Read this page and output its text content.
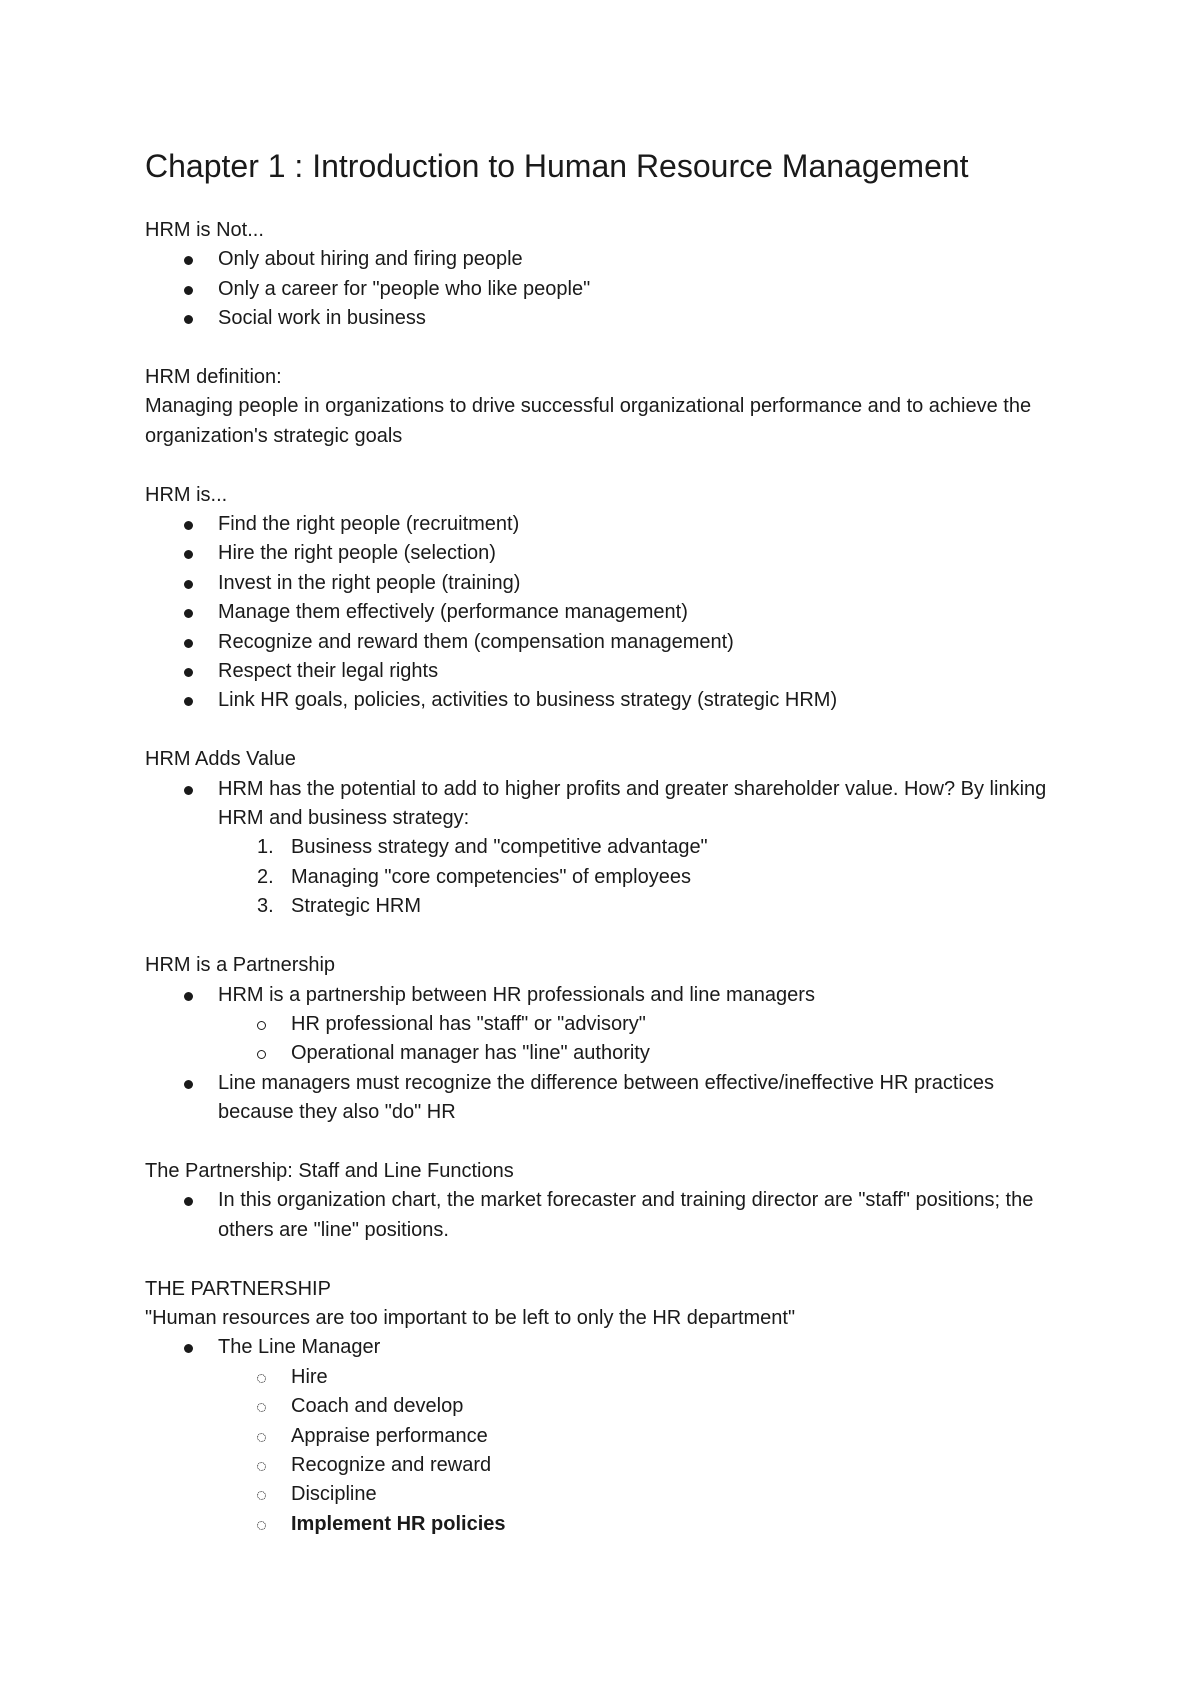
Chapter 1 : Introduction to Human Resource Management

HRM is Not...

Only about hiring and firing people
Only a career for "people who like people"
Social work in business

HRM definition:

Managing people in organizations to drive successful organizational performance and to achieve the organization's strategic goals

HRM is...

Find the right people (recruitment)
Hire the right people (selection)
Invest in the right people (training)
Manage them effectively (performance management)
Recognize and reward them (compensation management)
Respect their legal rights
Link HR goals, policies, activities to business strategy (strategic HRM)

HRM Adds Value

HRM has the potential to add to higher profits and greater shareholder value. How? By linking HRM and business strategy:
1. Business strategy and "competitive advantage"
2. Managing "core competencies" of employees
3. Strategic HRM

HRM is a Partnership

HRM is a partnership between HR professionals and line managers
HR professional has "staff" or "advisory"
Operational manager has "line" authority
Line managers must recognize the difference between effective/ineffective HR practices because they also "do" HR

The Partnership: Staff and Line Functions

In this organization chart, the market forecaster and training director are "staff" positions; the others are "line" positions.

THE PARTNERSHIP

"Human resources are too important to be left to only the HR department"

The Line Manager
Hire
Coach and develop
Appraise performance
Recognize and reward
Discipline
Implement HR policies
